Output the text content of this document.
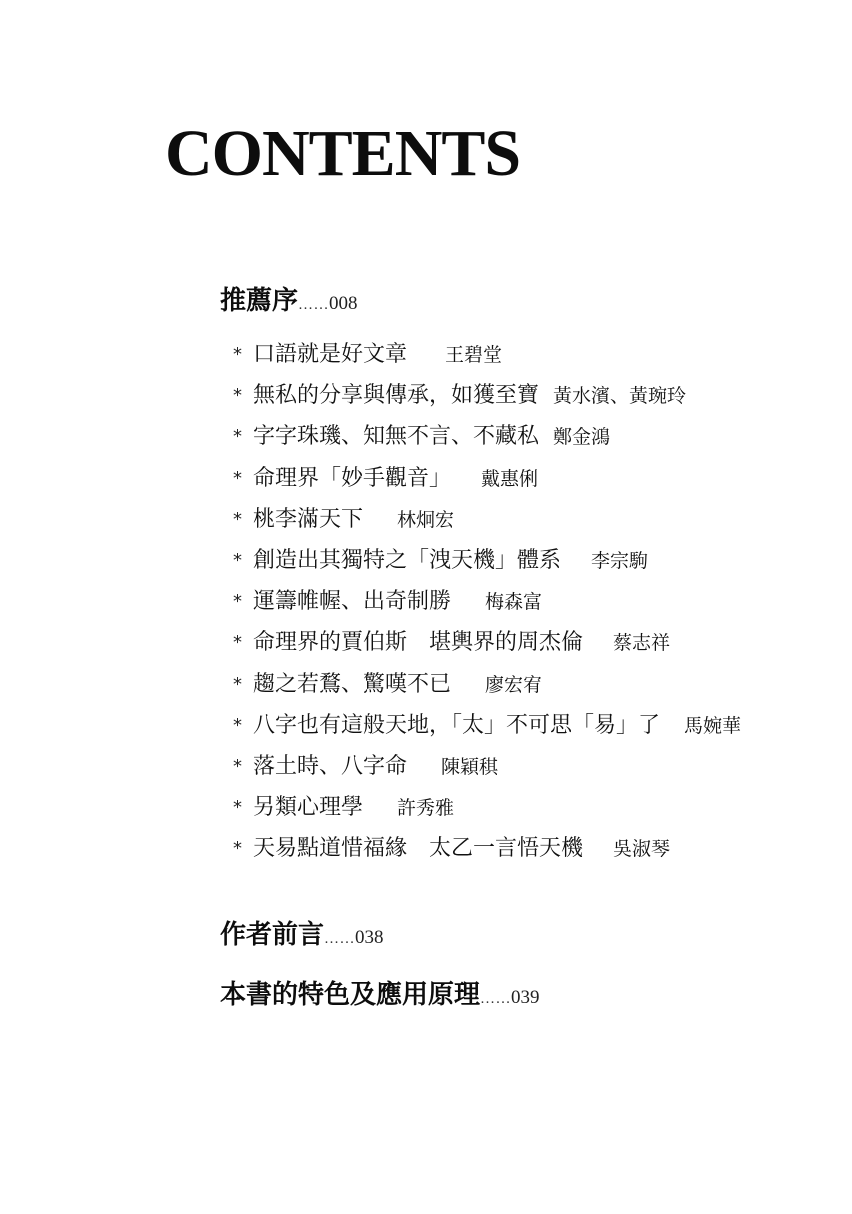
CONTENTS
推薦序……008
* 口語就是好文章 王碧堂
* 無私的分享與傳承，如獲至寶 黃水濱、黃琬玲
* 字字珠璣、知無不言、不藏私 鄭金鴻
* 命理界「妙手觀音」 戴惠俐
* 桃李滿天下 林炯宏
* 創造出其獨特之「洩天機」體系 李宗駒
* 運籌帷幄、出奇制勝 梅森富
* 命理界的賈伯斯　堪輿界的周杰倫 蔡志祥
* 趨之若鶩、驚嘆不已 廖宏宥
* 八字也有這般天地，「太」不可思「易」了 馬婉華
* 落土時、八字命 陳穎稘
* 另類心理學 許秀雅
* 天易點道惜福緣　太乙一言悟天機 吳淑琴
作者前言……038
本書的特色及應用原理……039
